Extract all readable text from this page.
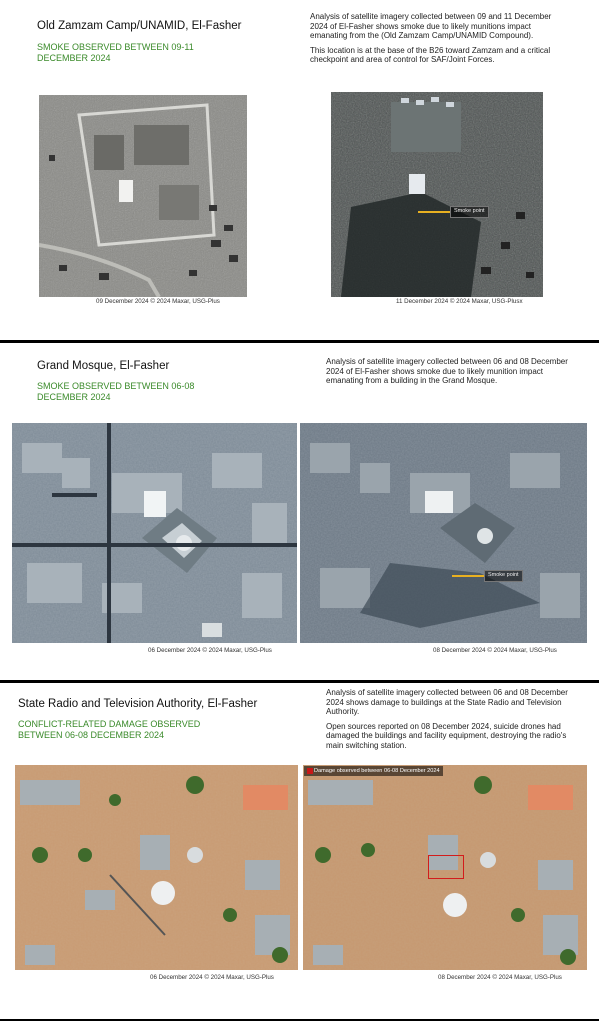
Old Zamzam Camp/UNAMID, El-Fasher
SMOKE OBSERVED BETWEEN 09-11 DECEMBER 2024

Analysis of satellite imagery collected between 09 and 11 December 2024 of El-Fasher shows smoke due to likely munitions impact emanating from the (Old Zamzam Camp/UNAMID Compound).

This location is at the base of the B26 toward Zamzam and a critical checkpoint and area of control for SAF/Joint Forces.

09 December 2024 © 2024 Maxar, USG-Plus
Smoke point
11 December 2024 © 2024 Maxar, USG-Plusx
Grand Mosque, El-Fasher
SMOKE OBSERVED BETWEEN 06-08 DECEMBER 2024

Analysis of satellite imagery collected between 06 and 08 December 2024 of El-Fasher shows smoke due to likely munition impact emanating from a building in the Grand Mosque.

06 December 2024 © 2024 Maxar, USG-Plus
Smoke point
08 December 2024 © 2024 Maxar, USG-Plus
State Radio and Television Authority, El-Fasher
CONFLICT-RELATED DAMAGE OBSERVED BETWEEN 06-08 DECEMBER 2024

Analysis of satellite imagery collected between 06 and 08 December 2024 shows damage to buildings at the State Radio and Television Authority.

Open sources reported on 08 December 2024, suicide drones had damaged the buildings and facility equipment, destroying the radio's main switching station.

06 December 2024 © 2024 Maxar, USG-Plus
Damage observed between 06-08 December 2024
08 December 2024 © 2024 Maxar, USG-Plus
